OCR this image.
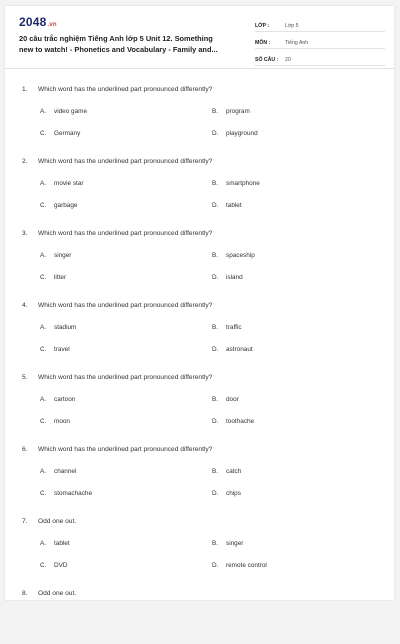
2048.vn
20 câu trắc nghiệm Tiếng Anh lớp 5 Unit 12. Something new to watch! - Phonetics and Vocabulary - Family and...
LỚP :	Lớp 5
MÔN :	Tiếng Anh
SỐ CÂU :	20
1. Which word has the underlined part pronounced differently?
A. video game	B. program
C. Germany	D. playground
2. Which word has the underlined part pronounced differently?
A. movie star	B. smartphone
C. garbage	D. tablet
3. Which word has the underlined part pronounced differently?
A. singer	B. spaceship
C. litter	D. island
4. Which word has the underlined part pronounced differently?
A. stadium	B. traffic
C. travel	D. astronaut
5. Which word has the underlined part pronounced differently?
A. cartoon	B. door
C. moon	D. toothache
6. Which word has the underlined part pronounced differently?
A. channel	B. catch
C. stomachache	D. chips
7. Odd one out.
A. tablet	B. singer
C. DVD	D. remote control
8. Odd one out.
